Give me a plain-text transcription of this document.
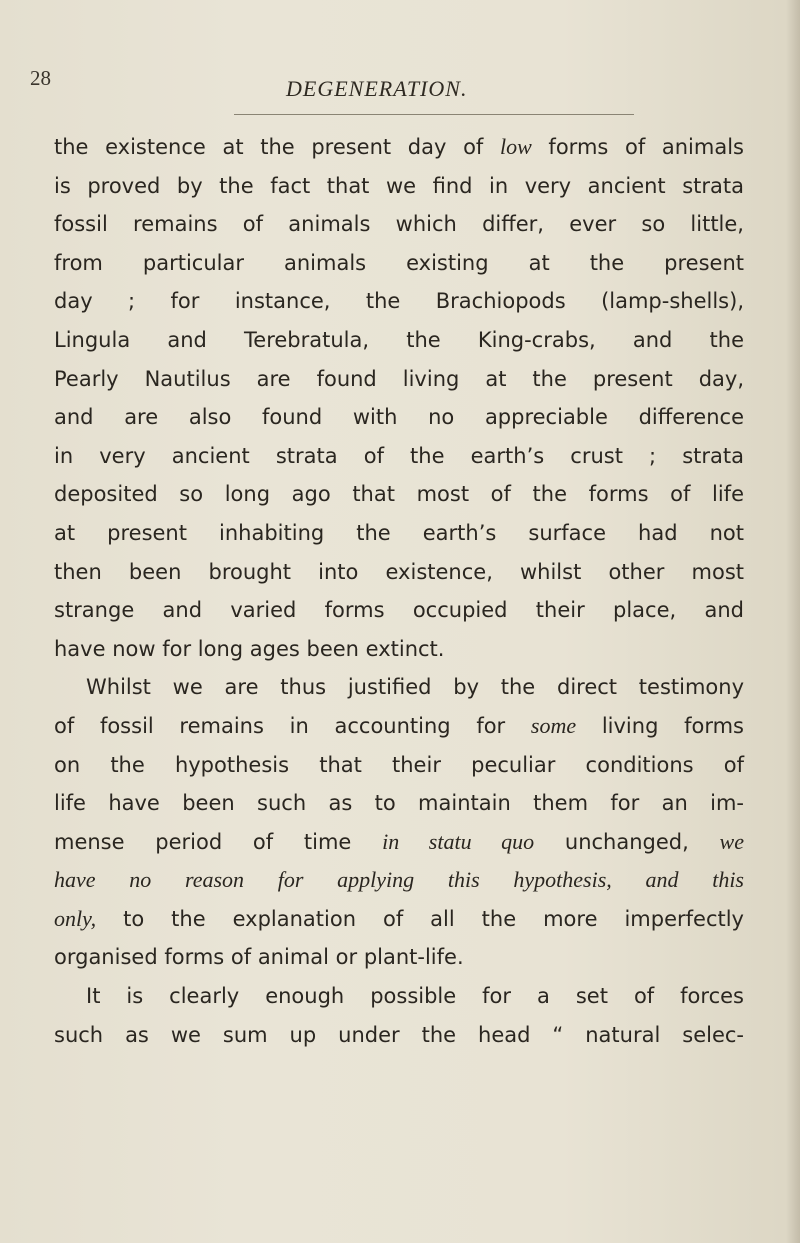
28	DEGENERATION.
the existence at the present day of low forms of animals
is proved by the fact that we find in very ancient strata
fossil remains of animals which differ, ever so little,
from particular animals existing at the present
day ; for instance, the Brachiopods (lamp-shells),
Lingula and Terebratula, the King-crabs, and the
Pearly Nautilus are found living at the present day,
and are also found with no appreciable difference
in very ancient strata of the earth’s crust ; strata
deposited so long ago that most of the forms of life
at present inhabiting the earth’s surface had not
then been brought into existence, whilst other most
strange and varied forms occupied their place, and
have now for long ages been extinct.
Whilst we are thus justified by the direct testimony
of fossil remains in accounting for some living forms
on the hypothesis that their peculiar conditions of
life have been such as to maintain them for an im-
mense period of time in statu quo unchanged, we
have no reason for applying this hypothesis, and this
only, to the explanation of all the more imperfectly
organised forms of animal or plant-life.
It is clearly enough possible for a set of forces
such as we sum up under the head “ natural selec-
